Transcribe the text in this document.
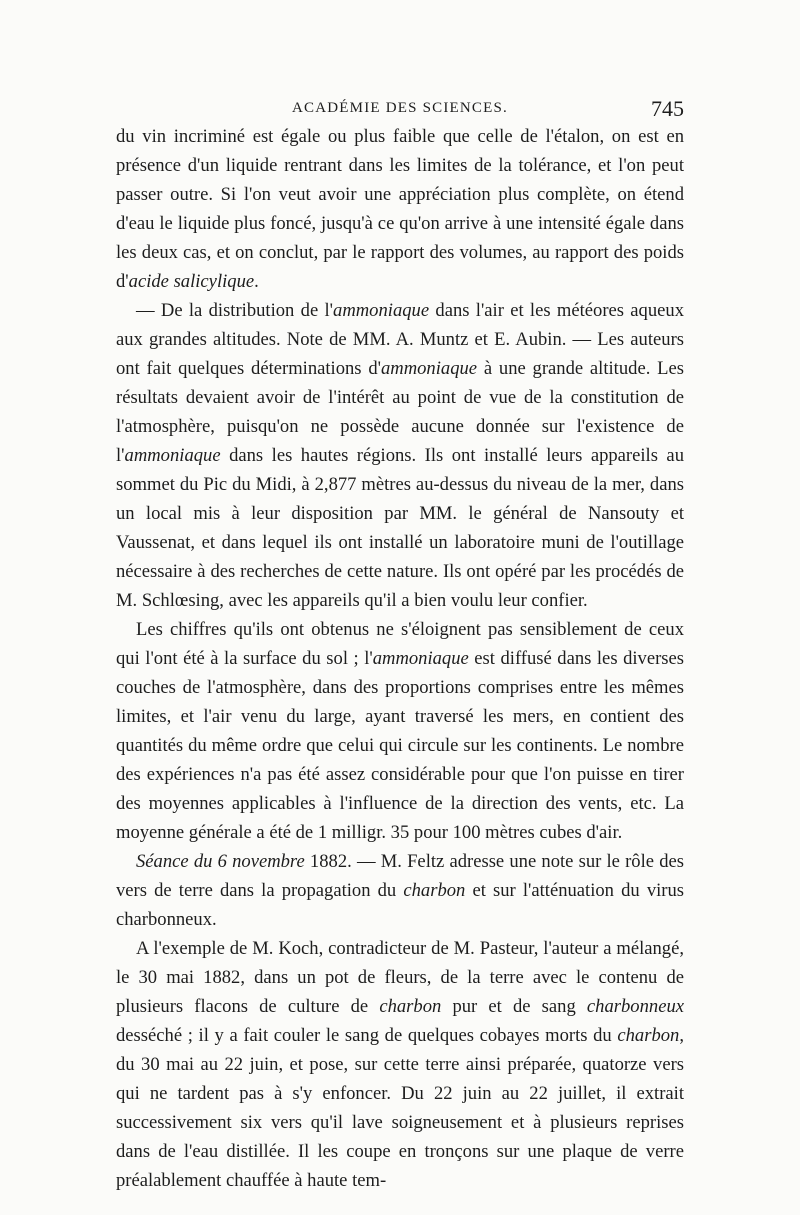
ACADÉMIE DES SCIENCES.	745

du vin incriminé est égale ou plus faible que celle de l'étalon, on est en présence d'un liquide rentrant dans les limites de la tolérance, et l'on peut passer outre. Si l'on veut avoir une appréciation plus complète, on étend d'eau le liquide plus foncé, jusqu'à ce qu'on arrive à une intensité égale dans les deux cas, et on conclut, par le rapport des volumes, au rapport des poids d'acide salicylique.

— De la distribution de l'ammoniaque dans l'air et les météores aqueux aux grandes altitudes. Note de MM. A. Muntz et E. Aubin. — Les auteurs ont fait quelques déterminations d'ammoniaque à une grande altitude. Les résultats devaient avoir de l'intérêt au point de vue de la constitution de l'atmosphère, puisqu'on ne possède aucune donnée sur l'existence de l'ammoniaque dans les hautes régions. Ils ont installé leurs appareils au sommet du Pic du Midi, à 2,877 mètres au-dessus du niveau de la mer, dans un local mis à leur disposition par MM. le général de Nansouty et Vaussenat, et dans lequel ils ont installé un laboratoire muni de l'outillage nécessaire à des recherches de cette nature. Ils ont opéré par les procédés de M. Schlœsing, avec les appareils qu'il a bien voulu leur confier.

Les chiffres qu'ils ont obtenus ne s'éloignent pas sensiblement de ceux qui l'ont été à la surface du sol ; l'ammoniaque est diffusé dans les diverses couches de l'atmosphère, dans des proportions comprises entre les mêmes limites, et l'air venu du large, ayant traversé les mers, en contient des quantités du même ordre que celui qui circule sur les continents. Le nombre des expériences n'a pas été assez considérable pour que l'on puisse en tirer des moyennes applicables à l'influence de la direction des vents, etc. La moyenne générale a été de 1 milligr. 35 pour 100 mètres cubes d'air.

Séance du 6 novembre 1882. — M. Feltz adresse une note sur le rôle des vers de terre dans la propagation du charbon et sur l'atténuation du virus charbonneux.

A l'exemple de M. Koch, contradicteur de M. Pasteur, l'auteur a mélangé, le 30 mai 1882, dans un pot de fleurs, de la terre avec le contenu de plusieurs flacons de culture de charbon pur et de sang charbonneux desséché ; il y a fait couler le sang de quelques cobayes morts du charbon, du 30 mai au 22 juin, et pose, sur cette terre ainsi préparée, quatorze vers qui ne tardent pas à s'y enfoncer. Du 22 juin au 22 juillet, il extrait successivement six vers qu'il lave soigneusement et à plusieurs reprises dans de l'eau distillée. Il les coupe en tronçons sur une plaque de verre préalablement chauffée à haute tem-
